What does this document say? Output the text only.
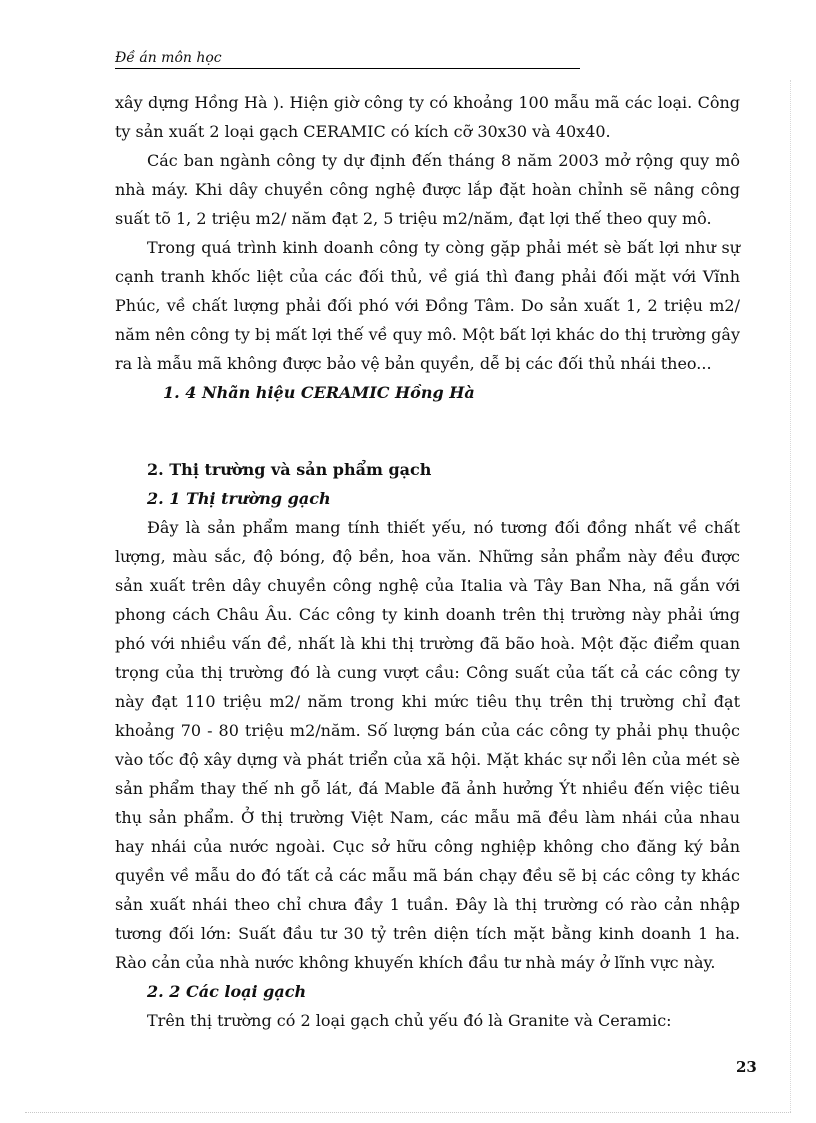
Đề án môn học

xây dựng Hồng Hà ). Hiện giờ công ty có khoảng 100 mẫu mã các loại. Công ty sản xuất 2 loại gạch CERAMIC có kích cỡ 30x30 và 40x40.

Các ban ngành công ty dự định đến tháng 8 năm 2003 mở rộng quy mô nhà máy. Khi dây chuyền công nghệ được lắp đặt hoàn chỉnh sẽ nâng công suất tõ 1, 2 triệu m2/ năm đạt 2, 5 triệu m2/năm, đạt lợi thế theo quy mô.

Trong quá trình kinh doanh công ty còng gặp phải mét sè bất lợi như sự cạnh tranh khốc liệt của các đối thủ, về giá thì đang phải đối mặt với Vĩnh Phúc, về chất lượng phải đối phó với Đồng Tâm. Do sản xuất 1, 2 triệu m2/ năm nên công ty bị mất lợi thế về quy mô. Một bất lợi khác do thị trường gây ra là mẫu mã không được bảo vệ bản quyền, dễ bị các đối thủ nhái theo...

1. 4 Nhãn hiệu CERAMIC Hồng Hà
2. Thị trường và sản phẩm gạch
2. 1 Thị trường gạch

Đây là sản phẩm mang tính thiết yếu, nó tương đối đồng nhất về chất lượng, màu sắc, độ bóng, độ bền, hoa văn. Những sản phẩm này đều được sản xuất trên dây chuyền công nghệ của Italia và Tây Ban Nha, nã gắn với phong cách Châu Âu. Các công ty kinh doanh trên thị trường này phải ứng phó với nhiều vấn đề, nhất là khi thị trường đã bão hoà. Một đặc điểm quan trọng của thị trường đó là cung vượt cầu: Công suất của tất cả các công ty này đạt 110 triệu m2/ năm trong khi mức tiêu thụ trên thị trường chỉ đạt khoảng 70 - 80 triệu m2/năm. Số lượng bán của các công ty phải phụ thuộc vào tốc độ xây dựng và phát triển của xã hội. Mặt khác sự nổi lên của mét sè sản phẩm thay thế nh gỗ lát, đá Mable đã ảnh hưởng Ýt nhiều đến việc tiêu thụ sản phẩm. Ở thị trường Việt Nam, các mẫu mã đều làm nhái của nhau hay nhái của nước ngoài. Cục sở hữu công nghiệp không cho đăng ký bản quyền về mẫu do đó tất cả các mẫu mã bán chạy đều sẽ bị các công ty khác sản xuất nhái theo chỉ chưa đầy 1 tuần. Đây là thị trường có rào cản nhập tương đối lớn: Suất đầu tư 30 tỷ trên diện tích mặt bằng kinh doanh 1 ha. Rào cản của nhà nước không khuyến khích đầu tư nhà máy ở lĩnh vực này.

2. 2 Các loại gạch

Trên thị trường có 2 loại gạch chủ yếu đó là Granite và Ceramic:

23
